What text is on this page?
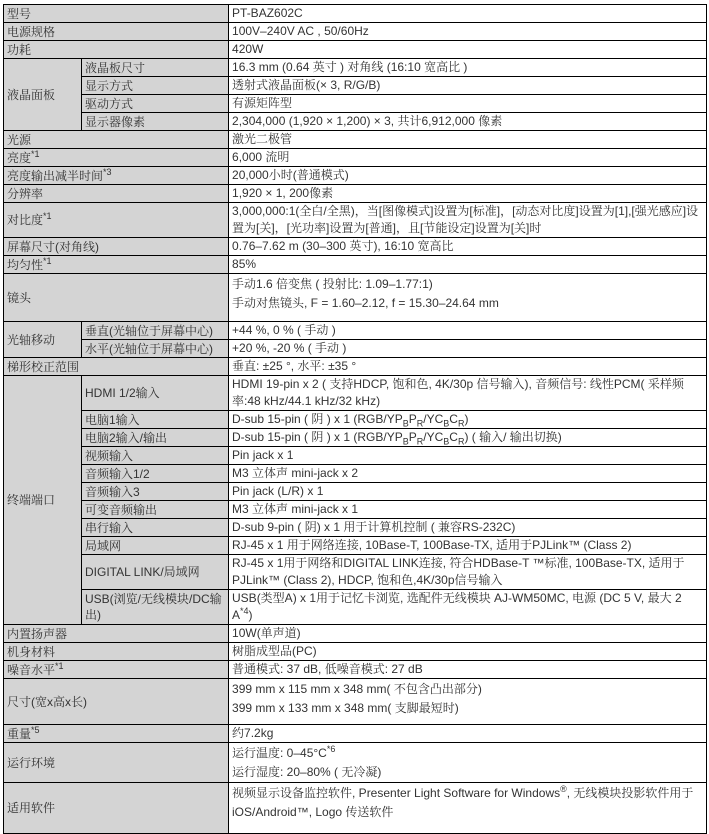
型号		PT-BAZ602C

电源规格		100V–240V AC , 50/60Hz

功耗		420W

液晶面板	液晶板尺寸	16.3 mm (0.64 英寸 ) 对角线 (16:10 宽高比 )

	显示方式	透射式液晶面板(× 3, R/G/B)

	驱动方式	有源矩阵型

	显示器像素	2,304,000 (1,920 × 1,200) × 3, 共计6,912,000 像素

光源		激光二极管

亮度$^{*1}$		6,000 流明

亮度输出减半时间$^{*3}$		20,000小时(普通模式)

分辨率		1,920 × 1, 200像素

对比度$^{*1}$		3,000,000:1(全白/全黑)，当[图像模式]设置为[标准]，[动态对比度]设置为[1],[强光感应]设置为[关]，[光功率]设置为[普通]，且[节能设定]设置为[关]时

屏幕尺寸(对角线)		0.76–7.62 m (30–300 英寸), 16:10 宽高比

均匀性$^{*1}$		85%

镜头		手动1.6 倍变焦 ( 投射比: 1.09–1.77:1)
手动对焦镜头, F = 1.60–2.12, f = 15.30–24.64 mm

光轴移动	垂直(光轴位于屏幕中心)	+44 %, 0 % ( 手动 )

	水平(光轴位于屏幕中心)	+20 %, -20 % ( 手动 )

梯形校正范围		垂直: ±25 °, 水平: ±35 °

终端端口	HDMI 1/2输入	HDMI 19-pin x 2 ( 支持HDCP, 饱和色, 4K/30p 信号输入), 音频信号: 线性PCM( 采样频率:48 kHz/44.1 kHz/32 kHz)

	电脑1输入	D-sub 15-pin ( 阴 ) x 1 $(RGB/YP_BP_R/YC_BC_R)$

	电脑2输入/输出	D-sub 15-pin ( 阴 ) x 1 $(RGB/YP_BP_R/YC_BC_R)$ ( 输入/ 输出切换)

	视频输入	Pin jack x 1

	音频输入1/2	M3 立体声 mini-jack x 2

	音频输入3	Pin jack (L/R) x 1

	可变音频输出	M3 立体声 mini-jack x 1

	串行输入	D-sub 9-pin ( 阴) x 1 用于计算机控制 ( 兼容RS-232C)

	局域网	RJ-45 x 1 用于网络连接, 10Base-T, 100Base-TX, 适用于PJLink™ (Class 2)

	DIGITAL LINK/局域网	RJ-45 x 1用于网络和DIGITAL LINK连接, 符合HDBase-T ™标准, 100Base-TX, 适用于PJLink™ (Class 2), HDCP, 饱和色,4K/30p信号输入

	USB(浏览/无线模块/DC输出)	USB(类型A) x 1用于记忆卡浏览, 选配件无线模块 AJ-WM50MC, 电源 (DC 5 V, 最大 2 $A^{*4}$)

内置扬声器		10W(单声道)

机身材料		树脂成型品(PC)

噪音水平$^{*1}$		普通模式: 37 dB, 低噪音模式: 27 dB

尺寸(宽x高x长)		399 mm x 115 mm x 348 mm( 不包含凸出部分)
399 mm x 133 mm x 348 mm( 支脚最短时)

重量$^{*5}$		约7.2kg

运行环境		运行温度: $0-45^\circ C^{*6}$
运行湿度: 20–80% ( 无冷凝)

适用软件		视频显示设备监控软件, Presenter Light Software for Windows®, 无线模块投影软件用于iOS/Android™, Logo 传送软件
